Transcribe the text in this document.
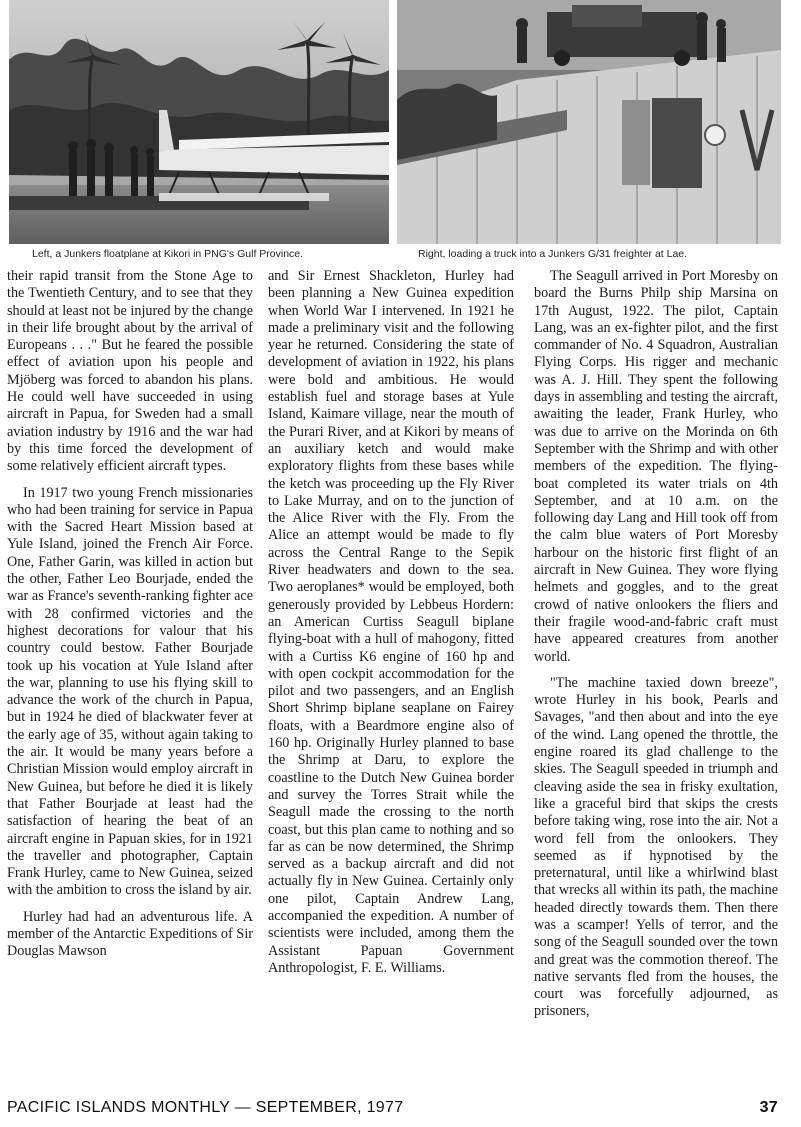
Left, a Junkers floatplane at Kikori in PNG's Gulf Province.	Right, loading a truck into a Junkers G/31 freighter at Lae.

their rapid transit from the Stone Age to the Twentieth Century, and to see that they should at least not be injured by the change in their life brought about by the arrival of Europeans . . ." But he feared the possible effect of aviation upon his people and Mjöberg was forced to abandon his plans. He could well have succeeded in using aircraft in Papua, for Sweden had a small aviation industry by 1916 and the war had by this time forced the development of some relatively efficient aircraft types.

In 1917 two young French missionaries who had been training for service in Papua with the Sacred Heart Mission based at Yule Island, joined the French Air Force. One, Father Garin, was killed in action but the other, Father Leo Bourjade, ended the war as France's seventh-ranking fighter ace with 28 confirmed victories and the highest decorations for valour that his country could bestow. Father Bourjade took up his vocation at Yule Island after the war, planning to use his flying skill to advance the work of the church in Papua, but in 1924 he died of blackwater fever at the early age of 35, without again taking to the air. It would be many years before a Christian Mission would employ aircraft in New Guinea, but before he died it is likely that Father Bourjade at least had the satisfaction of hearing the beat of an aircraft engine in Papuan skies, for in 1921 the traveller and photographer, Captain Frank Hurley, came to New Guinea, seized with the ambition to cross the island by air.

Hurley had had an adventurous life. A member of the Antarctic Expeditions of Sir Douglas Mawson

and Sir Ernest Shackleton, Hurley had been planning a New Guinea expedition when World War I intervened. In 1921 he made a preliminary visit and the following year he returned. Considering the state of development of aviation in 1922, his plans were bold and ambitious. He would establish fuel and storage bases at Yule Island, Kaimare village, near the mouth of the Purari River, and at Kikori by means of an auxiliary ketch and would make exploratory flights from these bases while the ketch was proceeding up the Fly River to Lake Murray, and on to the junction of the Alice River with the Fly. From the Alice an attempt would be made to fly across the Central Range to the Sepik River headwaters and down to the sea. Two aeroplanes* would be employed, both generously provided by Lebbeus Hordern: an American Curtiss Seagull biplane flying-boat with a hull of mahogony, fitted with a Curtiss K6 engine of 160 hp and with open cockpit accommodation for the pilot and two passengers, and an English Short Shrimp biplane seaplane on Fairey floats, with a Beardmore engine also of 160 hp. Originally Hurley planned to base the Shrimp at Daru, to explore the coastline to the Dutch New Guinea border and survey the Torres Strait while the Seagull made the crossing to the north coast, but this plan came to nothing and so far as can be now determined, the Shrimp served as a backup aircraft and did not actually fly in New Guinea. Certainly only one pilot, Captain Andrew Lang, accompanied the expedition. A number of scientists were included, among them the Assistant Papuan Government Anthropologist, F. E. Williams.

The Seagull arrived in Port Moresby on board the Burns Philp ship Marsina on 17th August, 1922. The pilot, Captain Lang, was an ex-fighter pilot, and the first commander of No. 4 Squadron, Australian Flying Corps. His rigger and mechanic was A. J. Hill. They spent the following days in assembling and testing the aircraft, awaiting the leader, Frank Hurley, who was due to arrive on the Morinda on 6th September with the Shrimp and with other members of the expedition. The flying-boat completed its water trials on 4th September, and at 10 a.m. on the following day Lang and Hill took off from the calm blue waters of Port Moresby harbour on the historic first flight of an aircraft in New Guinea. They wore flying helmets and goggles, and to the great crowd of native onlookers the fliers and their fragile wood-and-fabric craft must have appeared creatures from another world.

"The machine taxied down breeze", wrote Hurley in his book, Pearls and Savages, "and then about and into the eye of the wind. Lang opened the throttle, the engine roared its glad challenge to the skies. The Seagull speeded in triumph and cleaving aside the sea in frisky exultation, like a graceful bird that skips the crests before taking wing, rose into the air. Not a word fell from the onlookers. They seemed as if hypnotised by the preternatural, until like a whirlwind blast that wrecks all within its path, the machine headed directly towards them. Then there was a scamper! Yells of terror, and the song of the Seagull sounded over the town and great was the commotion thereof. The native servants fled from the houses, the court was forcefully adjourned, as prisoners,

PACIFIC ISLANDS MONTHLY — SEPTEMBER, 1977	37
